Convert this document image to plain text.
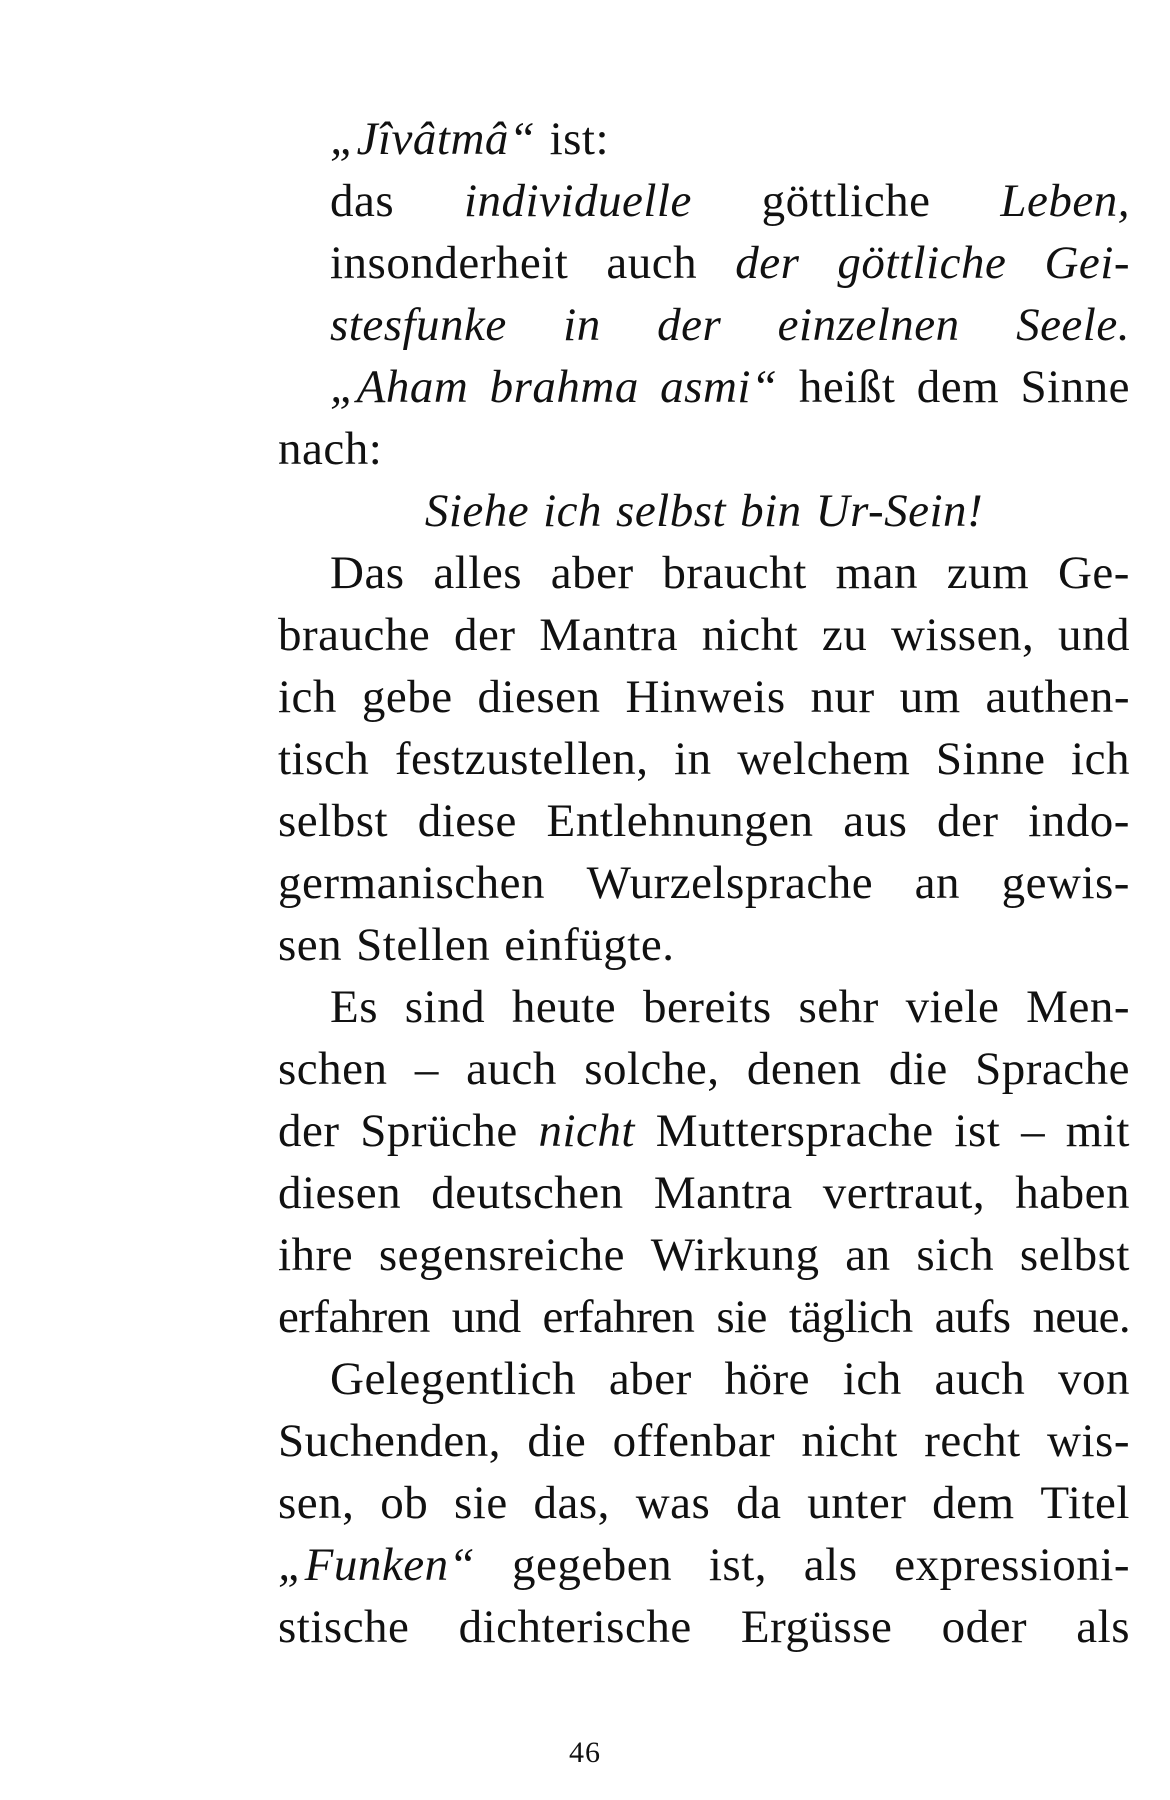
„Jîvâtmâ“ ist:
das individuelle göttliche Leben,
insonderheit auch der göttliche Gei-
stesfunke in der einzelnen Seele.
„Aham brahma asmi“ heißt dem Sinne
nach:
Siehe ich selbst bin Ur-Sein!
Das alles aber braucht man zum Ge-
brauche der Mantra nicht zu wissen, und
ich gebe diesen Hinweis nur um authen-
tisch festzustellen, in welchem Sinne ich
selbst diese Entlehnungen aus der indo-
germanischen Wurzelsprache an gewis-
sen Stellen einfügte.
Es sind heute bereits sehr viele Men-
schen – auch solche, denen die Sprache
der Sprüche nicht Muttersprache ist – mit
diesen deutschen Mantra vertraut, haben
ihre segensreiche Wirkung an sich selbst
erfahren und erfahren sie täglich aufs neue.
Gelegentlich aber höre ich auch von
Suchenden, die offenbar nicht recht wis-
sen, ob sie das, was da unter dem Titel
„Funken“ gegeben ist, als expressioni-
stische dichterische Ergüsse oder als
46
